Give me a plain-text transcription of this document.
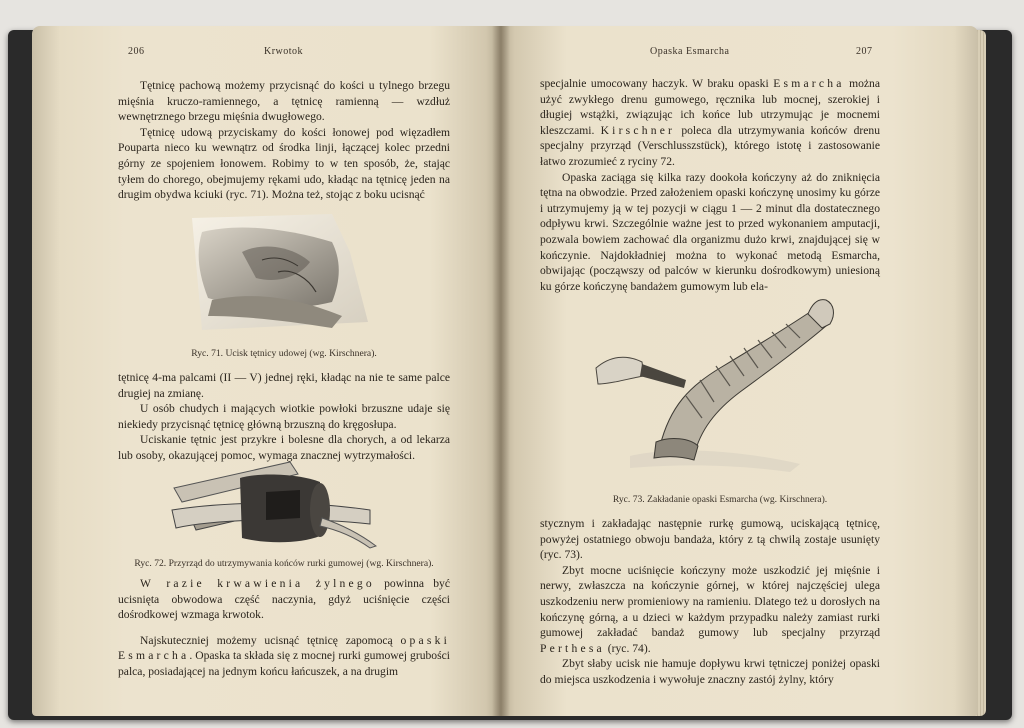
206	Krwotok

Tętnicę pachową możemy przycisnąć do kości u tylnego brzegu mięśnia kruczo-ramiennego, a tętnicę ramienną — wzdłuż wewnętrznego brzegu mięśnia dwugłowego.

Tętnicę udową przyciskamy do kości łonowej pod więzadłem Pouparta nieco ku wewnątrz od środka linji, łączącej kolec przedni górny ze spojeniem łonowem. Robimy to w ten sposób, że, stając tyłem do chorego, obejmujemy rękami udo, kładąc na tętnicę jeden na drugim obydwa kciuki (ryc. 71). Można też, stojąc z boku ucisnąć

Ryc. 71. Ucisk tętnicy udowej (wg. Kirschnera).

tętnicę 4-ma palcami (II — V) jednej ręki, kładąc na nie te same palce drugiej na zmianę.

U osób chudych i mających wiotkie powłoki brzuszne udaje się niekiedy przycisnąć tętnicę główną brzuszną do kręgosłupa.

Uciskanie tętnic jest przykre i bolesne dla chorych, a od lekarza lub osoby, okazującej pomoc, wymaga znacznej wytrzymałości.

Ryc. 72. Przyrząd do utrzymywania końców rurki gumowej (wg. Kirschnera).

W razie krwawienia żylnego powinna być ucisnięta obwodowa część naczynia, gdyż uciśnięcie części dośrodkowej wzmaga krwotok.

Najskuteczniej możemy ucisnąć tętnicę zapomocą opaski Esmarcha. Opaska ta składa się z mocnej rurki gumowej grubości palca, posiadającej na jednym końcu łańcuszek, a na drugim

Opaska Esmarcha	207

specjalnie umocowany haczyk. W braku opaski Esmarcha można użyć zwykłego drenu gumowego, ręcznika lub mocnej, szerokiej i długiej wstążki, związując ich końce lub utrzymując je mocnemi kleszczami. Kirschner poleca dla utrzymywania końców drenu specjalny przyrząd (Verschlusszstück), którego istotę i zastosowanie łatwo zrozumieć z ryciny 72.

Opaska zaciąga się kilka razy dookoła kończyny aż do zniknięcia tętna na obwodzie. Przed założeniem opaski kończynę unosimy ku górze i utrzymujemy ją w tej pozycji w ciągu 1 — 2 minut dla dostatecznego odpływu krwi. Szczególnie ważne jest to przed wykonaniem amputacji, pozwala bowiem zachować dla organizmu dużo krwi, znajdującej się w kończynie. Najdokładniej można to wykonać metodą Esmarcha, obwijając (począwszy od palców w kierunku dośrodkowym) uniesioną ku górze kończynę bandażem gumowym lub ela-

Ryc. 73. Zakładanie opaski Esmarcha (wg. Kirschnera).

stycznym i zakładając następnie rurkę gumową, uciskającą tętnicę, powyżej ostatniego obwoju bandaża, który z tą chwilą zostaje usunięty (ryc. 73).

Zbyt mocne uciśnięcie kończyny może uszkodzić jej mięśnie i nerwy, zwłaszcza na kończynie górnej, w której najczęściej ulega uszkodzeniu nerw promieniowy na ramieniu. Dlatego też u dorosłych na kończynę górną, a u dzieci w każdym przypadku należy zamiast rurki gumowej zakładać bandaż gumowy lub specjalny przyrząd Perthesa (ryc. 74).

Zbyt słaby ucisk nie hamuje dopływu krwi tętniczej poniżej opaski do miejsca uszkodzenia i wywołuje znaczny zastój żylny, który
